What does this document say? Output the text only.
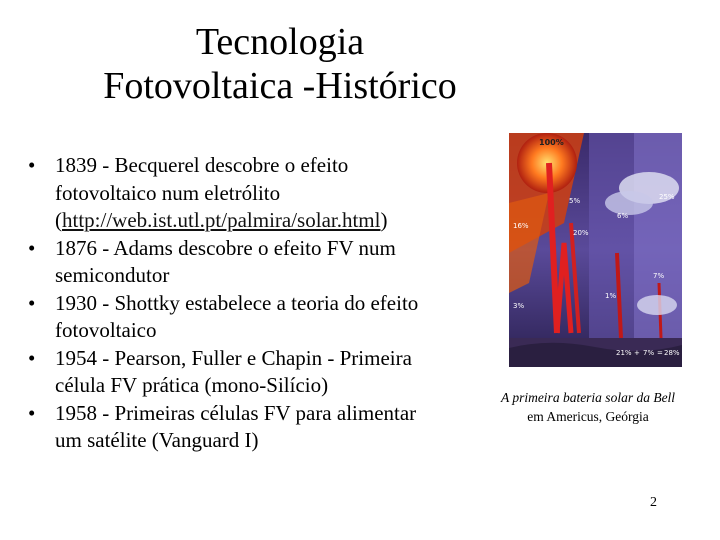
Tecnologia
Fotovoltaica -Histórico
• 1839 - Becquerel descobre o efeito fotovoltaico num eletrólito (http://web.ist.utl.pt/palmira/solar.html)
• 1876 - Adams descobre o efeito FV num semicondutor
• 1930 - Shottky estabelece a teoria do efeito fotovoltaico
• 1954 - Pearson, Fuller e Chapin - Primeira célula FV prática (mono-Silício)
• 1958 - Primeiras células FV para alimentar um satélite (Vanguard I)
100%
5%
16%
3%
25%
20%
6%
1%
7%
21% + 7% = 28%
A primeira bateria solar da Bell em Americus, Geórgia
2
